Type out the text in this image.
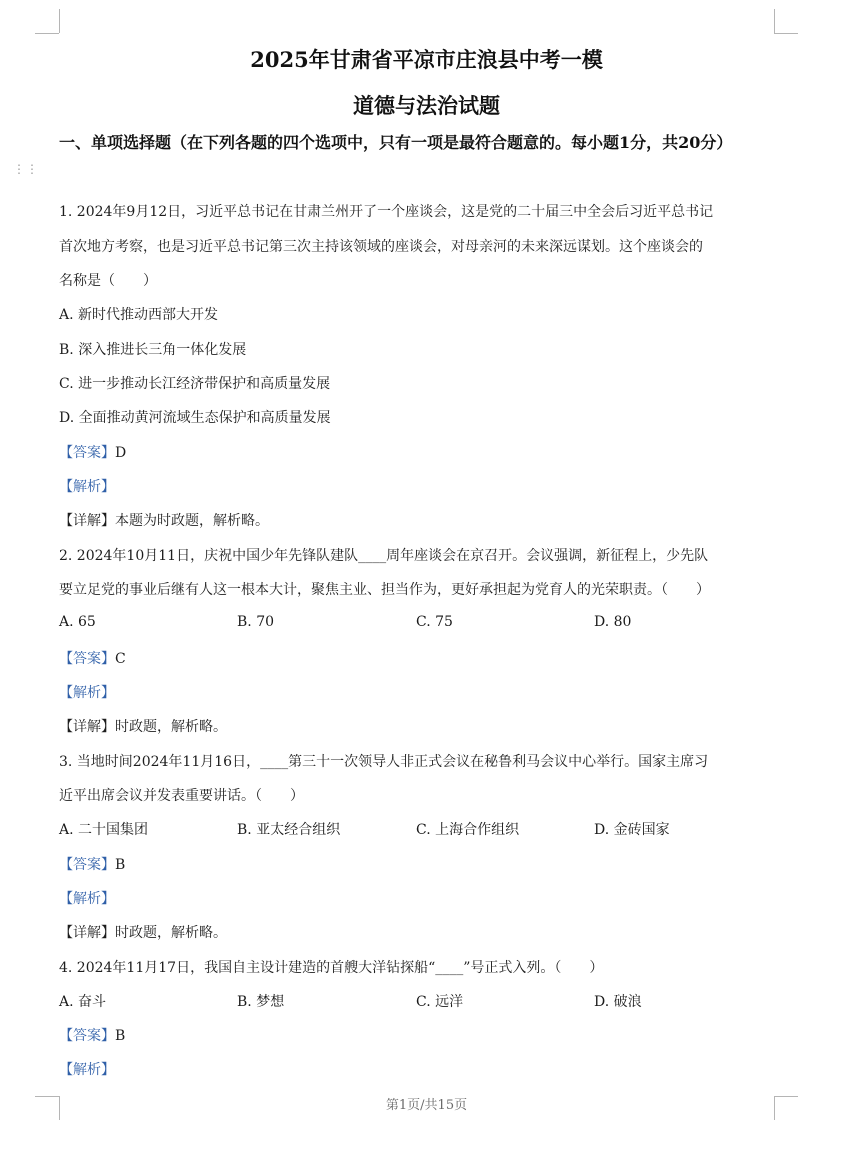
⋮⋮
2025年甘肃省平凉市庄浪县中考一模
道德与法治试题
一、单项选择题（在下列各题的四个选项中，只有一项是最符合题意的。每小题1分，共20分）
1. 2024年9月12日，习近平总书记在甘肃兰州开了一个座谈会，这是党的二十届三中全会后习近平总书记
首次地方考察，也是习近平总书记第三次主持该领域的座谈会，对母亲河的未来深远谋划。这个座谈会的
名称是（　　）
A. 新时代推动西部大开发
B. 深入推进长三角一体化发展
C. 进一步推动长江经济带保护和高质量发展
D. 全面推动黄河流域生态保护和高质量发展
【答案】D
【解析】
【详解】本题为时政题，解析略。
2. 2024年10月11日，庆祝中国少年先锋队建队____周年座谈会在京召开。会议强调，新征程上，少先队
要立足党的事业后继有人这一根本大计，聚焦主业、担当作为，更好承担起为党育人的光荣职责。（　　）
A. 65	B. 70	C. 75	D. 80
【答案】C
【解析】
【详解】时政题，解析略。
3. 当地时间2024年11月16日，____第三十一次领导人非正式会议在秘鲁利马会议中心举行。国家主席习
近平出席会议并发表重要讲话。（　　）
A. 二十国集团	B. 亚太经合组织	C. 上海合作组织	D. 金砖国家
【答案】B
【解析】
【详解】时政题，解析略。
4. 2024年11月17日，我国自主设计建造的首艘大洋钻探船“____”号正式入列。（　　）
A. 奋斗	B. 梦想	C. 远洋	D. 破浪
【答案】B
【解析】
第1页/共15页
